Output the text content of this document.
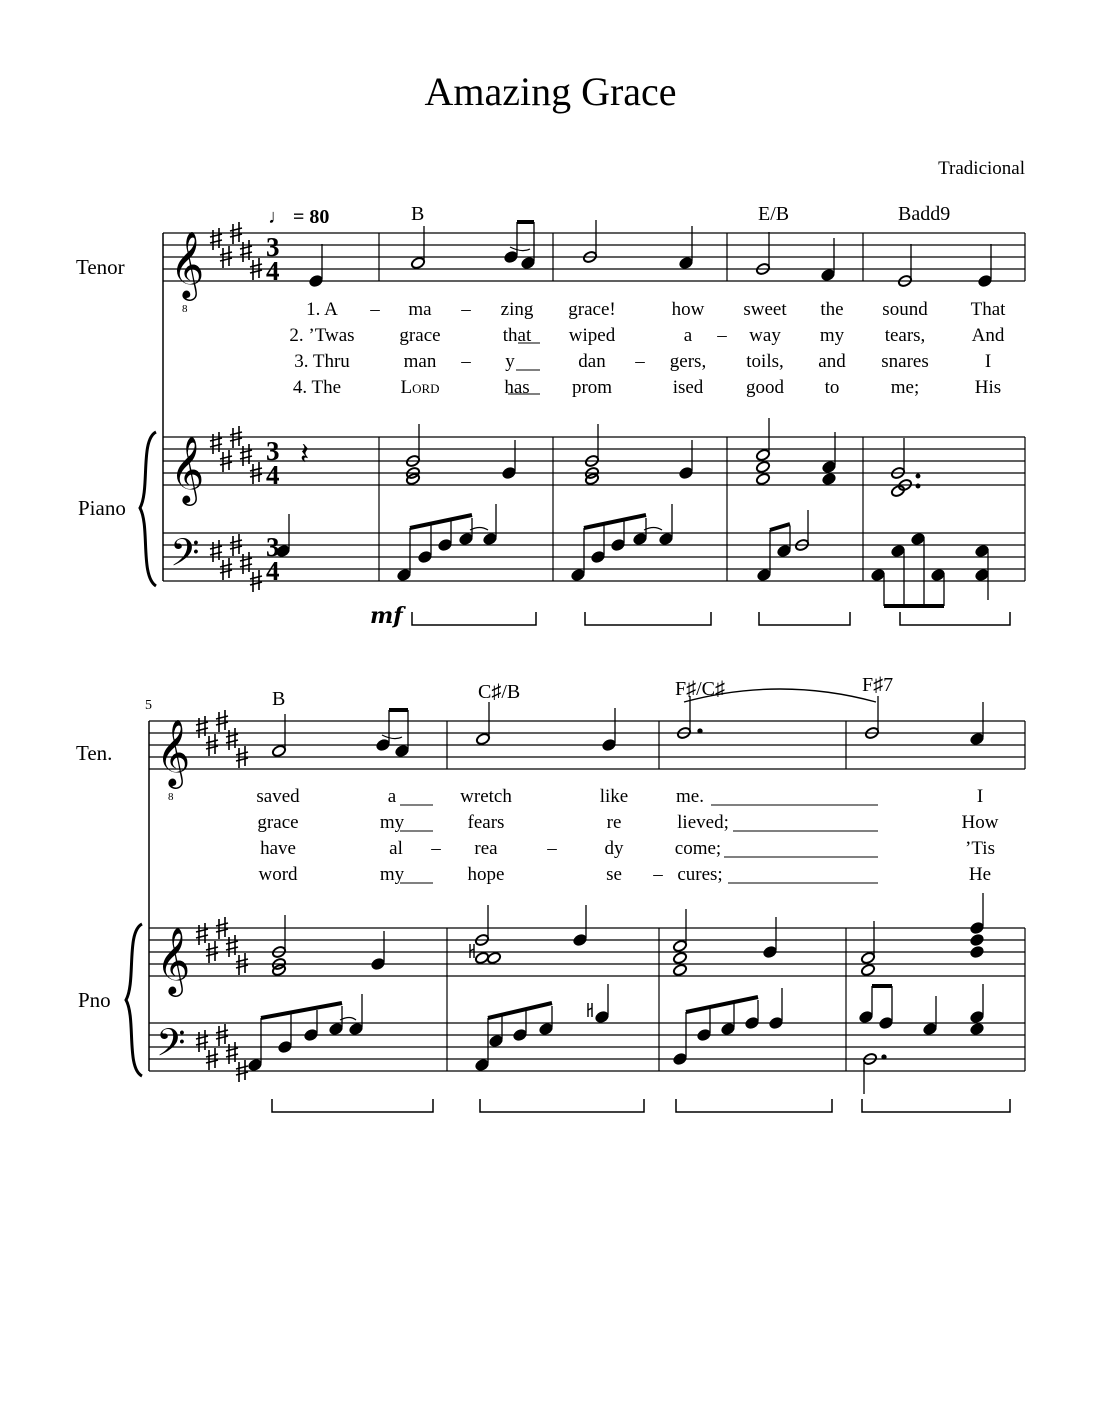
Amazing Grace
Tradicional
Tenor
Piano
♩ = 80	B	E/B	Badd9
mf
1. A – ma – zing grace!	how sweet the sound That
2. ’Twas grace	that wiped	a – way my tears, And
3. Thru	man – y	dan – gers, toils, and snares	I
4. The	Lord	has prom	ised good to	me;	His
5
Ten.
Pno
B	C♯/B	F♯/C♯	F♯7
saved	a	wretch	like	me.	I
grace	my	fears	re	lieved;	How
have	al – rea	–	dy	come;	’Tis
word	my	hope	se – cures;	He
𝄞
8
𝄞
𝄢
3
4
3
4
3
4
𝄽
𝄞
8
𝄞
𝄢
